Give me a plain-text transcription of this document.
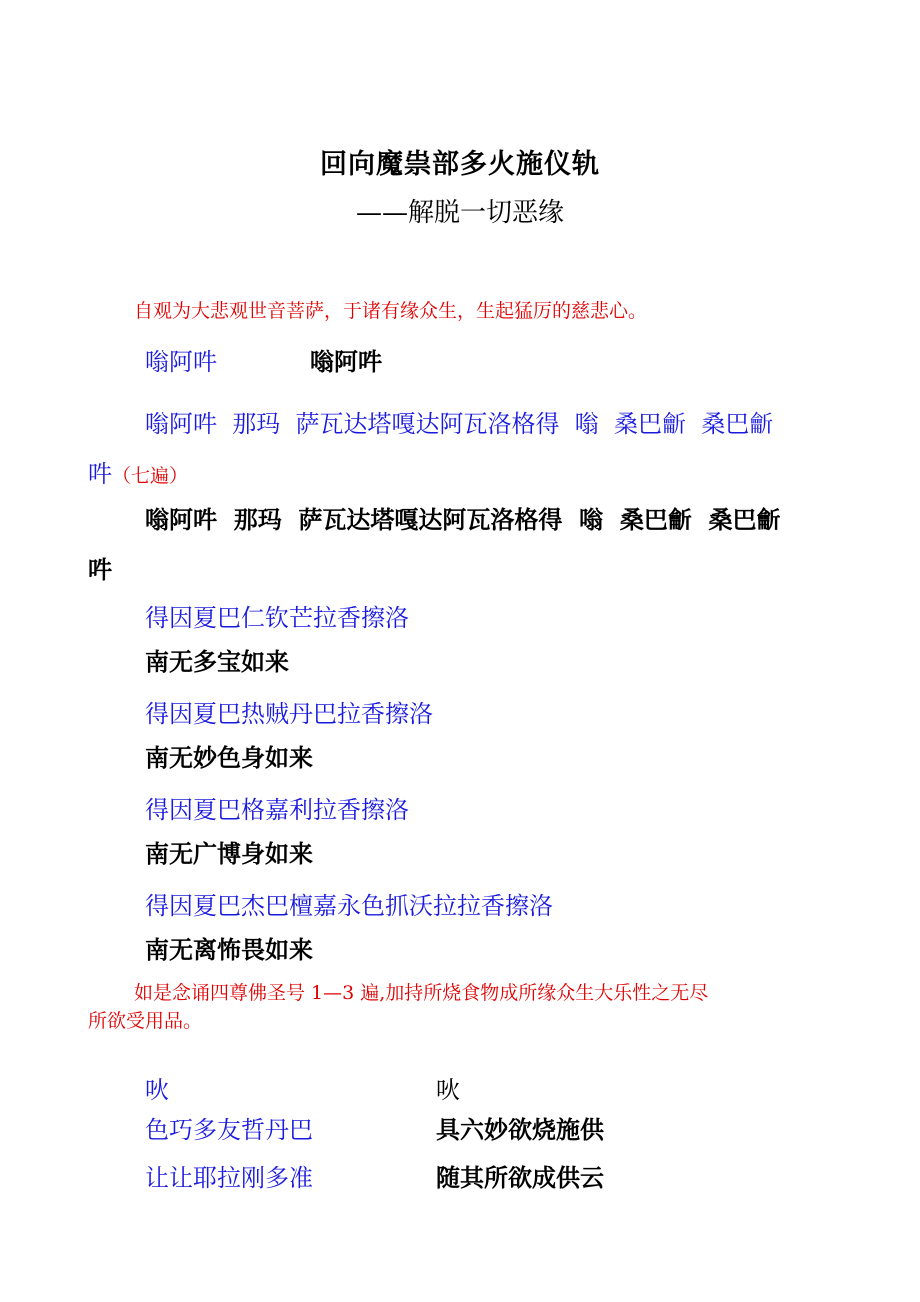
回向魔祟部多火施仪轨
——解脱一切恶缘
自观为大悲观世音菩萨，于诸有缘众生，生起猛厉的慈悲心。
嗡阿吽	嗡阿吽
嗡阿吽  那玛  萨瓦达塔嘎达阿瓦洛格得  嗡  桑巴𪛊  桑巴𪛊
吽（七遍）
嗡阿吽  那玛  萨瓦达塔嘎达阿瓦洛格得  嗡  桑巴𪛊  桑巴𪛊
吽
得因夏巴仁钦芒拉香擦洛
南无多宝如来
得因夏巴热贼丹巴拉香擦洛
南无妙色身如来
得因夏巴格嘉利拉香擦洛
南无广博身如来
得因夏巴杰巴檀嘉永色抓沃拉拉香擦洛
南无离怖畏如来
如是念诵四尊佛圣号 1—3 遍,加持所烧食物成所缘众生大乐性之无尽
所欲受用品。
吙	吙
色巧多友哲丹巴	具六妙欲烧施供
让让耶拉刚多准	随其所欲成供云
